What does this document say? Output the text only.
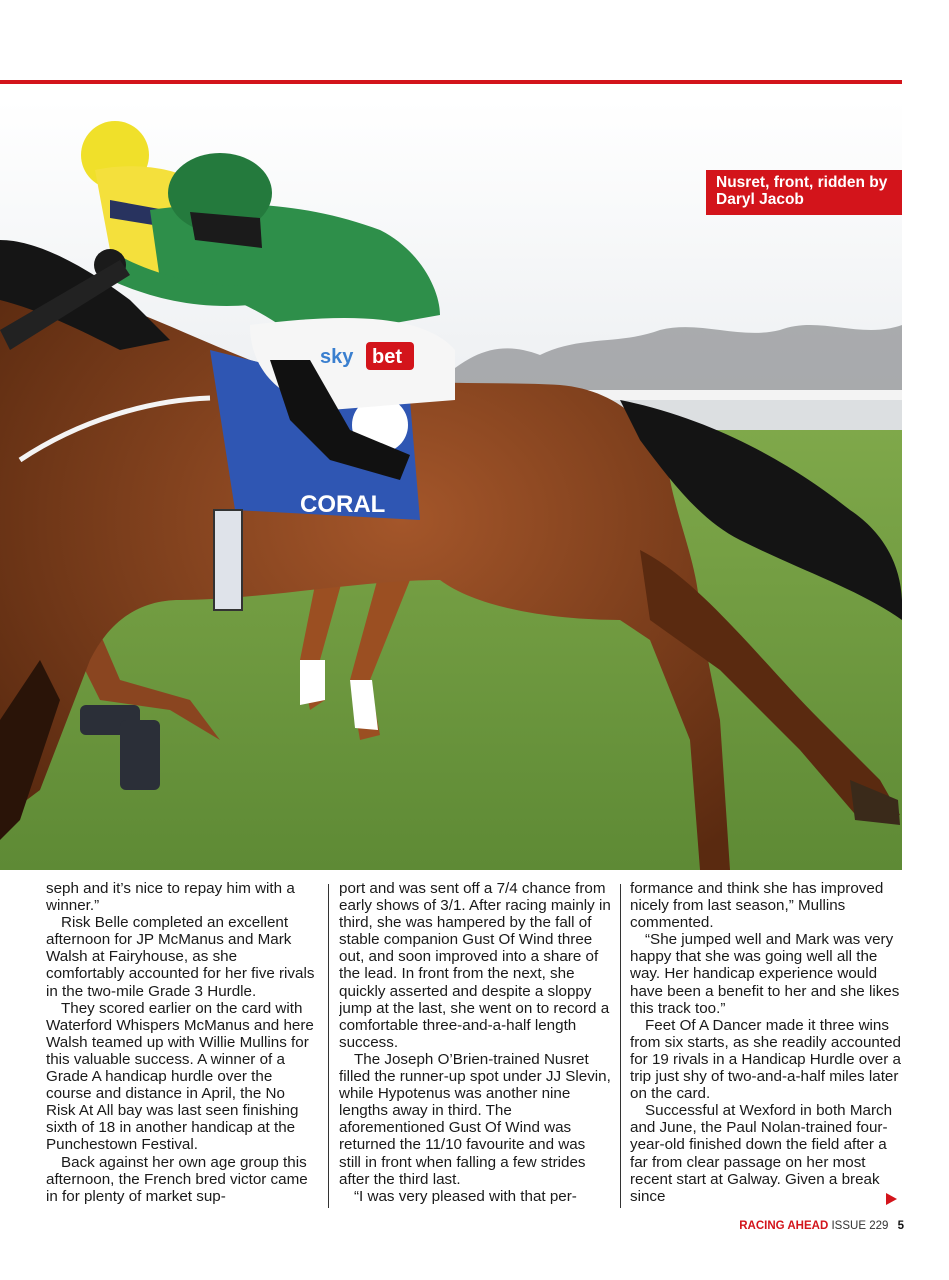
CORAL
sky bet
Nusret, front, ridden by Daryl Jacob

seph and it’s nice to repay him with a winner.”

Risk Belle completed an excellent afternoon for JP McManus and Mark Walsh at Fairyhouse, as she comfortably accounted for her five rivals in the two-mile Grade 3 Hurdle.

They scored earlier on the card with Waterford Whispers McManus and here Walsh teamed up with Willie Mullins for this valuable success. A winner of a Grade A handicap hurdle over the course and distance in April, the No Risk At All bay was last seen finishing sixth of 18 in another handicap at the Punchestown Festival.

Back against her own age group this afternoon, the French bred victor came in for plenty of market sup-

port and was sent off a 7/4 chance from early shows of 3/1. After racing mainly in third, she was hampered by the fall of stable companion Gust Of Wind three out, and soon improved into a share of the lead. In front from the next, she quickly asserted and despite a sloppy jump at the last, she went on to record a comfortable three-and-a-half length success.

The Joseph O’Brien-trained Nusret filled the runner-up spot under JJ Slevin, while Hypotenus was another nine lengths away in third. The aforementioned Gust Of Wind was returned the 11/10 favourite and was still in front when falling a few strides after the third last.

“I was very pleased with that per-

formance and think she has improved nicely from last season,” Mullins commented.

“She jumped well and Mark was very happy that she was going well all the way. Her handicap experience would have been a benefit to her and she likes this track too.”

Feet Of A Dancer made it three wins from six starts, as she readily accounted for 19 rivals in a Handicap Hurdle over a trip just shy of two-and-a-half miles later on the card.

Successful at Wexford in both March and June, the Paul Nolan-trained four-year-old finished down the field after a far from clear passage on her most recent start at Galway. Given a break since

RACING AHEAD ISSUE 229 5
